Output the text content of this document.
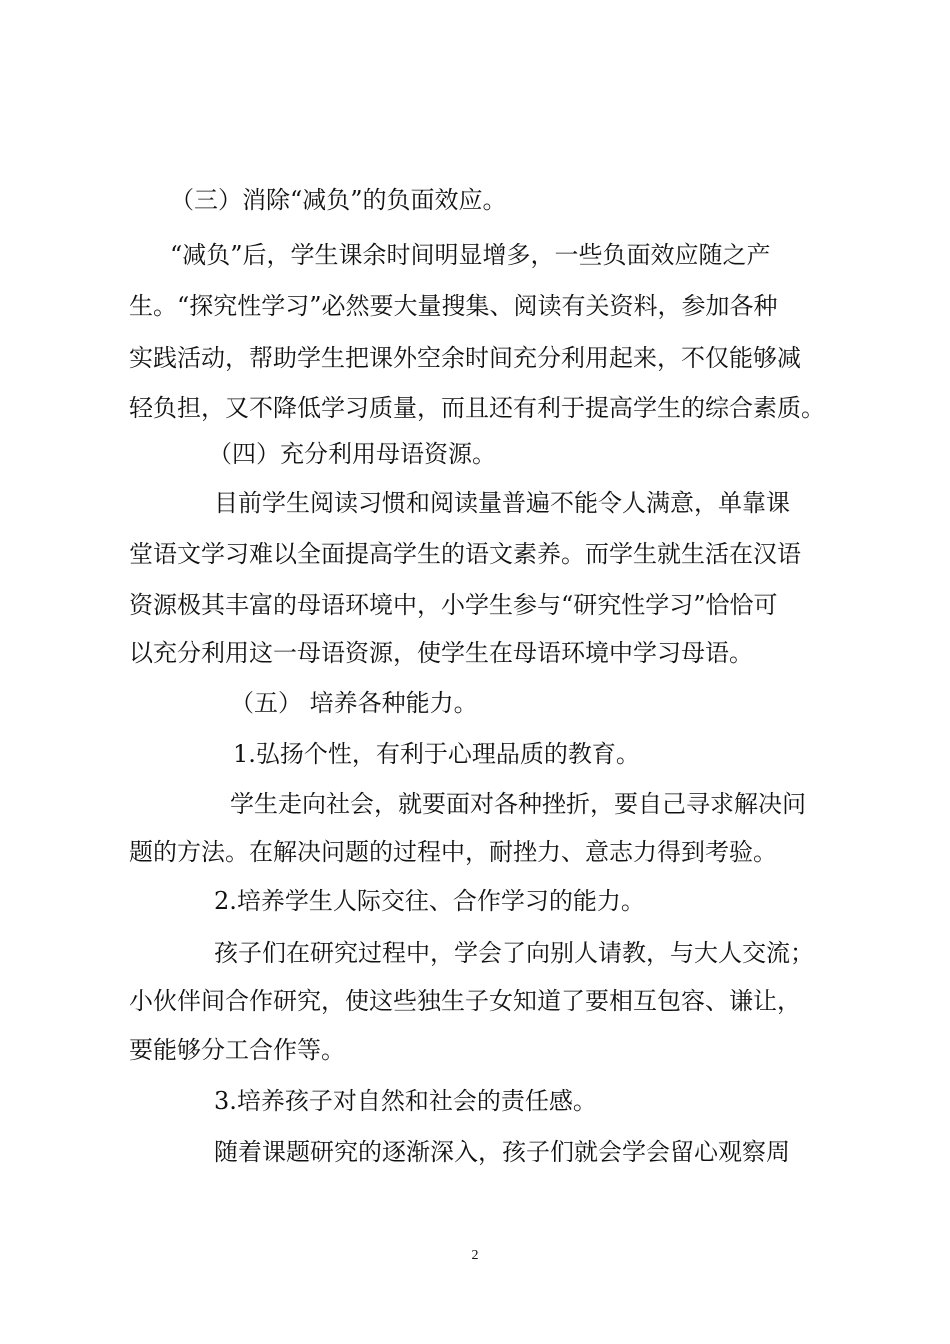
（三）消除“减负”的负面效应。

“减负”后，学生课余时间明显增多，一些负面效应随之产

生。“探究性学习”必然要大量搜集、阅读有关资料，参加各种

实践活动，帮助学生把课外空余时间充分利用起来，不仅能够减

轻负担，又不降低学习质量，而且还有利于提高学生的综合素质。

（四）充分利用母语资源。

目前学生阅读习惯和阅读量普遍不能令人满意，单靠课

堂语文学习难以全面提高学生的语文素养。而学生就生活在汉语

资源极其丰富的母语环境中，小学生参与“研究性学习”恰恰可

以充分利用这一母语资源，使学生在母语环境中学习母语。

（五） 培养各种能力。

1.弘扬个性，有利于心理品质的教育。

学生走向社会，就要面对各种挫折，要自己寻求解决问

题的方法。在解决问题的过程中，耐挫力、意志力得到考验。

2.培养学生人际交往、合作学习的能力。

孩子们在研究过程中，学会了向别人请教，与大人交流；

小伙伴间合作研究，使这些独生子女知道了要相互包容、谦让，

要能够分工合作等。

3.培养孩子对自然和社会的责任感。

随着课题研究的逐渐深入，孩子们就会学会留心观察周

2
